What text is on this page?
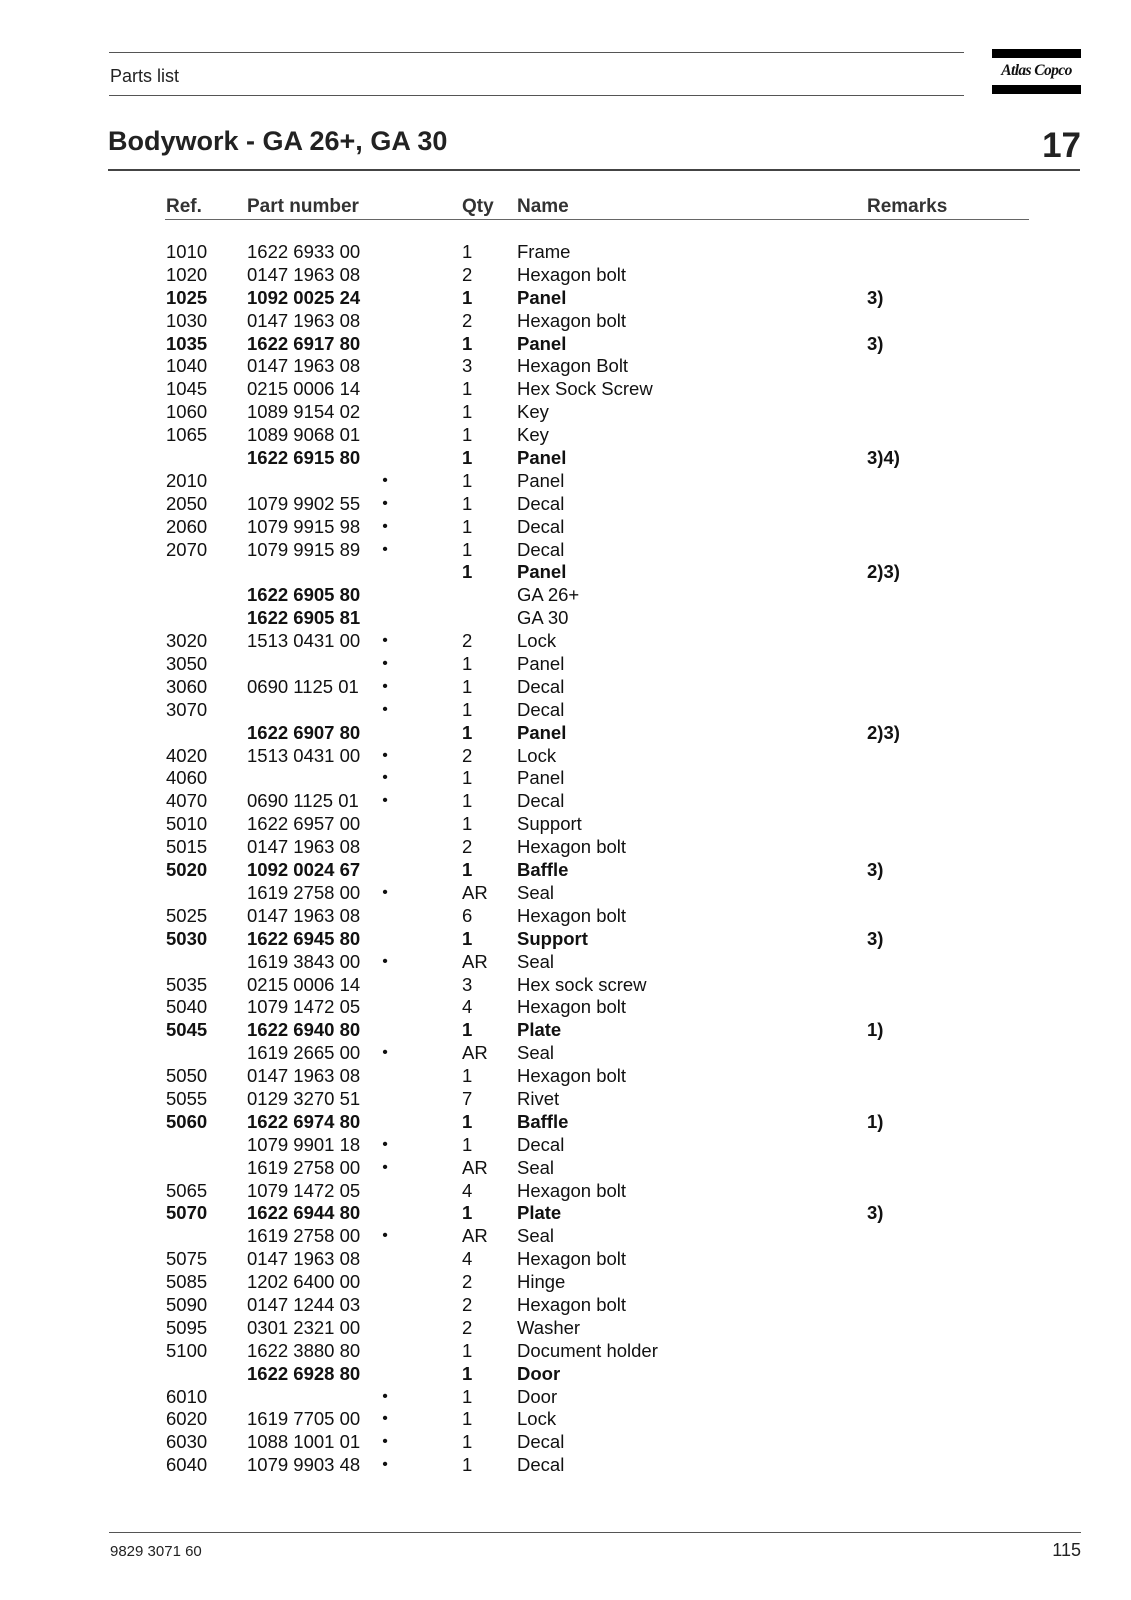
Parts list	Atlas Copco
Bodywork - GA 26+, GA 30	17
Ref. Part number	Qty Name	Remarks
1010 1622 6933 00	1 Frame
1020 0147 1963 08	2 Hexagon bolt
1025 1092 0025 24	1 Panel	3)
1030 0147 1963 08	2 Hexagon bolt
1035 1622 6917 80	1 Panel	3)
1040 0147 1963 08	3 Hexagon Bolt
1045 0215 0006 14	1 Hex Sock Screw
1060 1089 9154 02	1 Key
1065 1089 9068 01	1 Key
1622 6915 80	1 Panel	3)4)
2010	•	1 Panel
2050 1079 9902 55 •	1 Decal
2060 1079 9915 98 •	1 Decal
2070 1079 9915 89 •	1 Decal
1 Panel	2)3)
1622 6905 80	GA 26+
1622 6905 81	GA 30
3020 1513 0431 00 •	2 Lock
3050	•	1 Panel
3060 0690 1125 01 •	1 Decal
3070	•	1 Decal
1622 6907 80	1 Panel	2)3)
4020 1513 0431 00 •	2 Lock
4060	•	1 Panel
4070 0690 1125 01 •	1 Decal
5010 1622 6957 00	1 Support
5015 0147 1963 08	2 Hexagon bolt
5020 1092 0024 67	1 Baffle	3)
1619 2758 00 •	AR Seal
5025 0147 1963 08	6 Hexagon bolt
5030 1622 6945 80	1 Support	3)
1619 3843 00 •	AR Seal
5035 0215 0006 14	3 Hex sock screw
5040 1079 1472 05	4 Hexagon bolt
5045 1622 6940 80	1 Plate	1)
1619 2665 00 •	AR Seal
5050 0147 1963 08	1 Hexagon bolt
5055 0129 3270 51	7 Rivet
5060 1622 6974 80	1 Baffle	1)
1079 9901 18 •	1 Decal
1619 2758 00 •	AR Seal
5065 1079 1472 05	4 Hexagon bolt
5070 1622 6944 80	1 Plate	3)
1619 2758 00 •	AR Seal
5075 0147 1963 08	4 Hexagon bolt
5085 1202 6400 00	2 Hinge
5090 0147 1244 03	2 Hexagon bolt
5095 0301 2321 00	2 Washer
5100 1622 3880 80	1 Document holder
1622 6928 80	1 Door
6010	•	1 Door
6020 1619 7705 00 •	1 Lock
6030 1088 1001 01 •	1 Decal
6040 1079 9903 48 •	1 Decal
9829 3071 60	115
